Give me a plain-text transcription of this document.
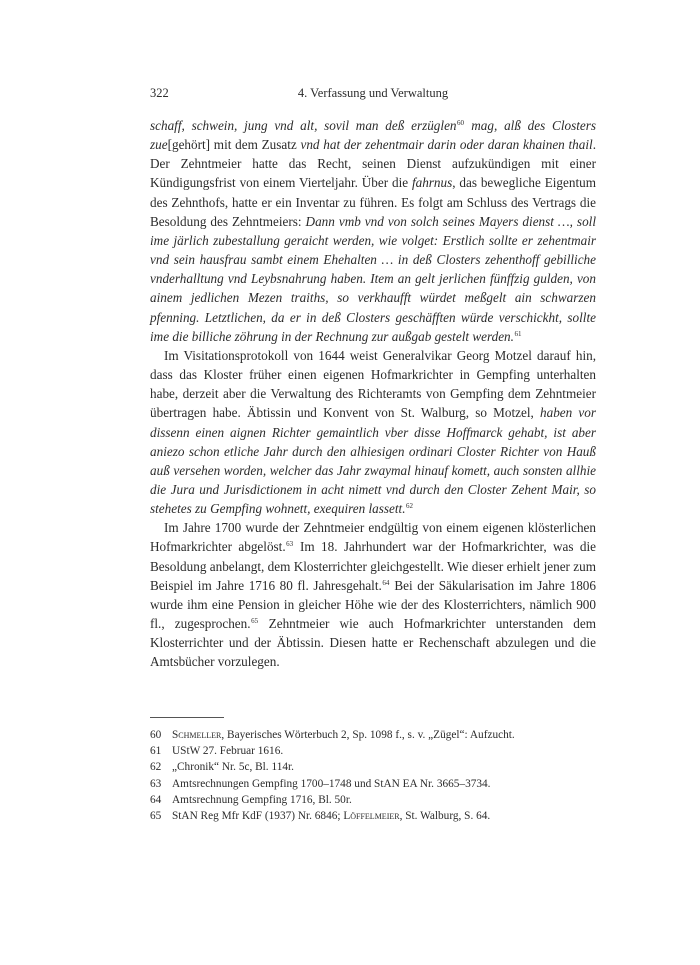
322	4. Verfassung und Verwaltung

schaff, schwein, jung vnd alt, sovil man deß erzüglen$^{60}$ mag, alß des Closters zue[gehört] mit dem Zusatz vnd hat der zehentmair darin oder daran khainen thail. Der Zehntmeier hatte das Recht, seinen Dienst aufzukündigen mit einer Kündigungsfrist von einem Vierteljahr. Über die fahrnus, das bewegliche Eigentum des Zehnthofs, hatte er ein Inventar zu führen. Es folgt am Schluss des Vertrags die Besoldung des Zehntmeiers: Dann vmb vnd von solch seines Mayers dienst …, soll ime järlich zubestallung geraicht werden, wie volget: Erstlich sollte er zehentmair vnd sein hausfrau sambt einem Ehehalten … in deß Closters zehenthoff gebilliche vnderhalltung vnd Leybsnahrung haben. Item an gelt jerlichen fünffzig gulden, von ainem jedlichen Mezen traiths, so verkhaufft würdet meßgelt ain schwarzen pfenning. Letztlichen, da er in deß Closters geschäfften würde verschickht, sollte ime die billiche zöhrung in der Rechnung zur außgab gestelt werden.$^{61}$

Im Visitationsprotokoll von 1644 weist Generalvikar Georg Motzel darauf hin, dass das Kloster früher einen eigenen Hofmarkrichter in Gempfing unterhalten habe, derzeit aber die Verwaltung des Richteramts von Gempfing dem Zehntmeier übertragen habe. Äbtissin und Konvent von St. Walburg, so Motzel, haben vor dissenn einen aignen Richter gemaintlich vber disse Hoffmarck gehabt, ist aber aniezo schon etliche Jahr durch den alhiesigen ordinari Closter Richter von Hauß auß versehen worden, welcher das Jahr zwaymal hinauf komett, auch sonsten allhie die Jura und Jurisdictionem in acht nimett vnd durch den Closter Zehent Mair, so stehetes zu Gempfing wohnett, exequiren lassett.$^{62}$

Im Jahre 1700 wurde der Zehntmeier endgültig von einem eigenen klösterlichen Hofmarkrichter abgelöst.$^{63}$ Im 18. Jahrhundert war der Hofmarkrichter, was die Besoldung anbelangt, dem Klosterrichter gleichgestellt. Wie dieser erhielt jener zum Beispiel im Jahre 1716 80 fl. Jahresgehalt.$^{64}$ Bei der Säkularisation im Jahre 1806 wurde ihm eine Pension in gleicher Höhe wie der des Klosterrichters, nämlich 900 fl., zugesprochen.$^{65}$ Zehntmeier wie auch Hofmarkrichter unterstanden dem Klosterrichter und der Äbtissin. Diesen hatte er Rechenschaft abzulegen und die Amtsbücher vorzulegen.

60 Schmeller, Bayerisches Wörterbuch 2, Sp. 1098 f., s. v. „Zügel“: Aufzucht.
61 UStW 27. Februar 1616.
62 „Chronik“ Nr. 5c, Bl. 114r.
63 Amtsrechnungen Gempfing 1700–1748 und StAN EA Nr. 3665–3734.
64 Amtsrechnung Gempfing 1716, Bl. 50r.
65 StAN Reg Mfr KdF (1937) Nr. 6846; Löffelmeier, St. Walburg, S. 64.
